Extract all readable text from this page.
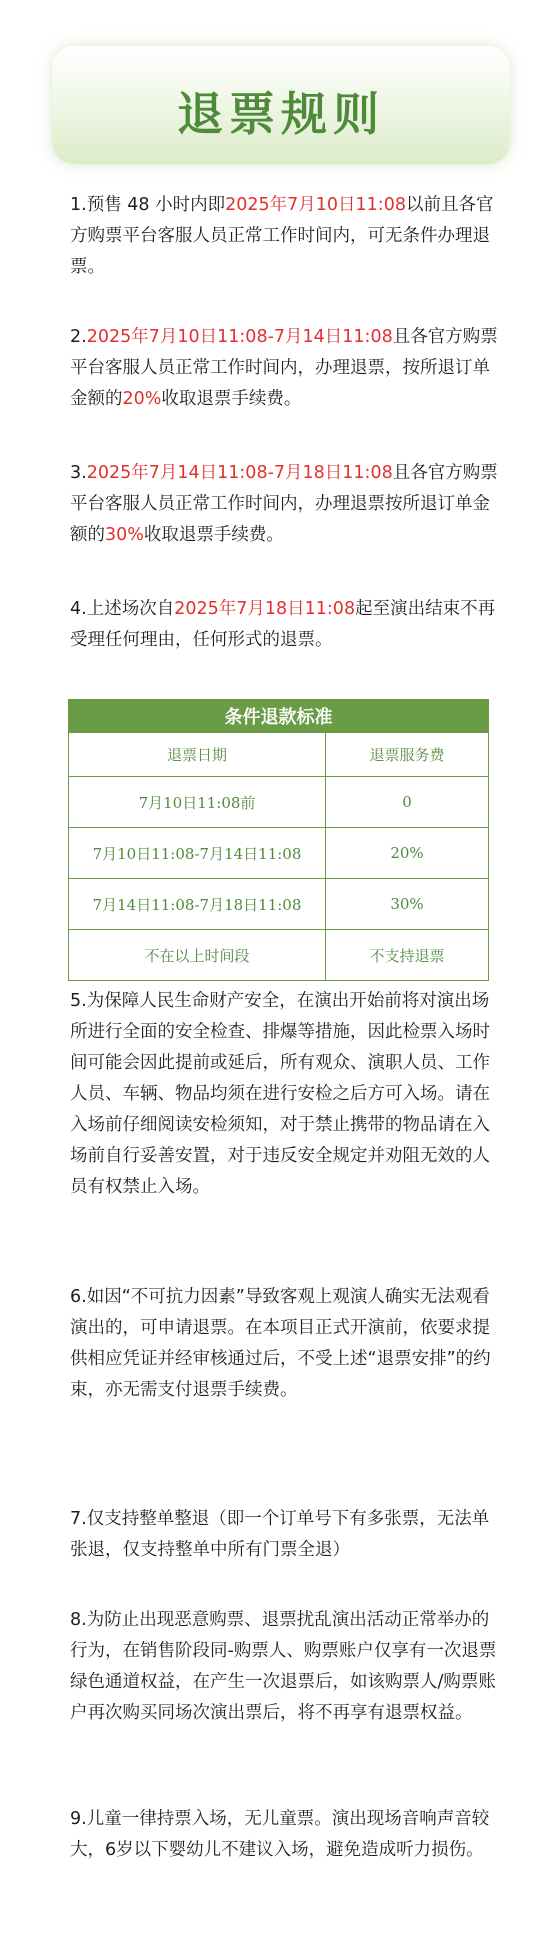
退票规则

1.预售 48 小时内即2025年7月10日11:08以前且各官方购票平台客服人员正常工作时间内，可无条件办理退票。

2.2025年7月10日11:08-7月14日11:08且各官方购票平台客服人员正常工作时间内，办理退票，按所退订单金额的20%收取退票手续费。

3.2025年7月14日11:08-7月18日11:08且各官方购票平台客服人员正常工作时间内，办理退票按所退订单金额的30%收取退票手续费。

4.上述场次自2025年7月18日11:08起至演出结束不再受理任何理由，任何形式的退票。

条件退款标准	
退票日期	退票服务费
7月10日11:08前	0
7月10日11:08-7月14日11:08	20%
7月14日11:08-7月18日11:08	30%
不在以上时间段	不支持退票

5.为保障人民生命财产安全，在演出开始前将对演出场所进行全面的安全检查、排爆等措施，因此检票入场时间可能会因此提前或延后，所有观众、演职人员、工作人员、车辆、物品均须在进行安检之后方可入场。请在入场前仔细阅读安检须知，对于禁止携带的物品请在入场前自行妥善安置，对于违反安全规定并劝阻无效的人员有权禁止入场。

6.如因“不可抗力因素”导致客观上观演人确实无法观看演出的，可申请退票。在本项目正式开演前，依要求提供相应凭证并经审核通过后，不受上述“退票安排”的约束，亦无需支付退票手续费。

7.仅支持整单整退（即一个订单号下有多张票，无法单张退，仅支持整单中所有门票全退）

8.为防止出现恶意购票、退票扰乱演出活动正常举办的行为，在销售阶段同-购票人、购票账户仅享有一次退票绿色通道权益，在产生一次退票后，如该购票人/购票账户再次购买同场次演出票后，将不再享有退票权益。

9.儿童一律持票入场，无儿童票。演出现场音响声音较大，6岁以下婴幼儿不建议入场，避免造成听力损伤。
